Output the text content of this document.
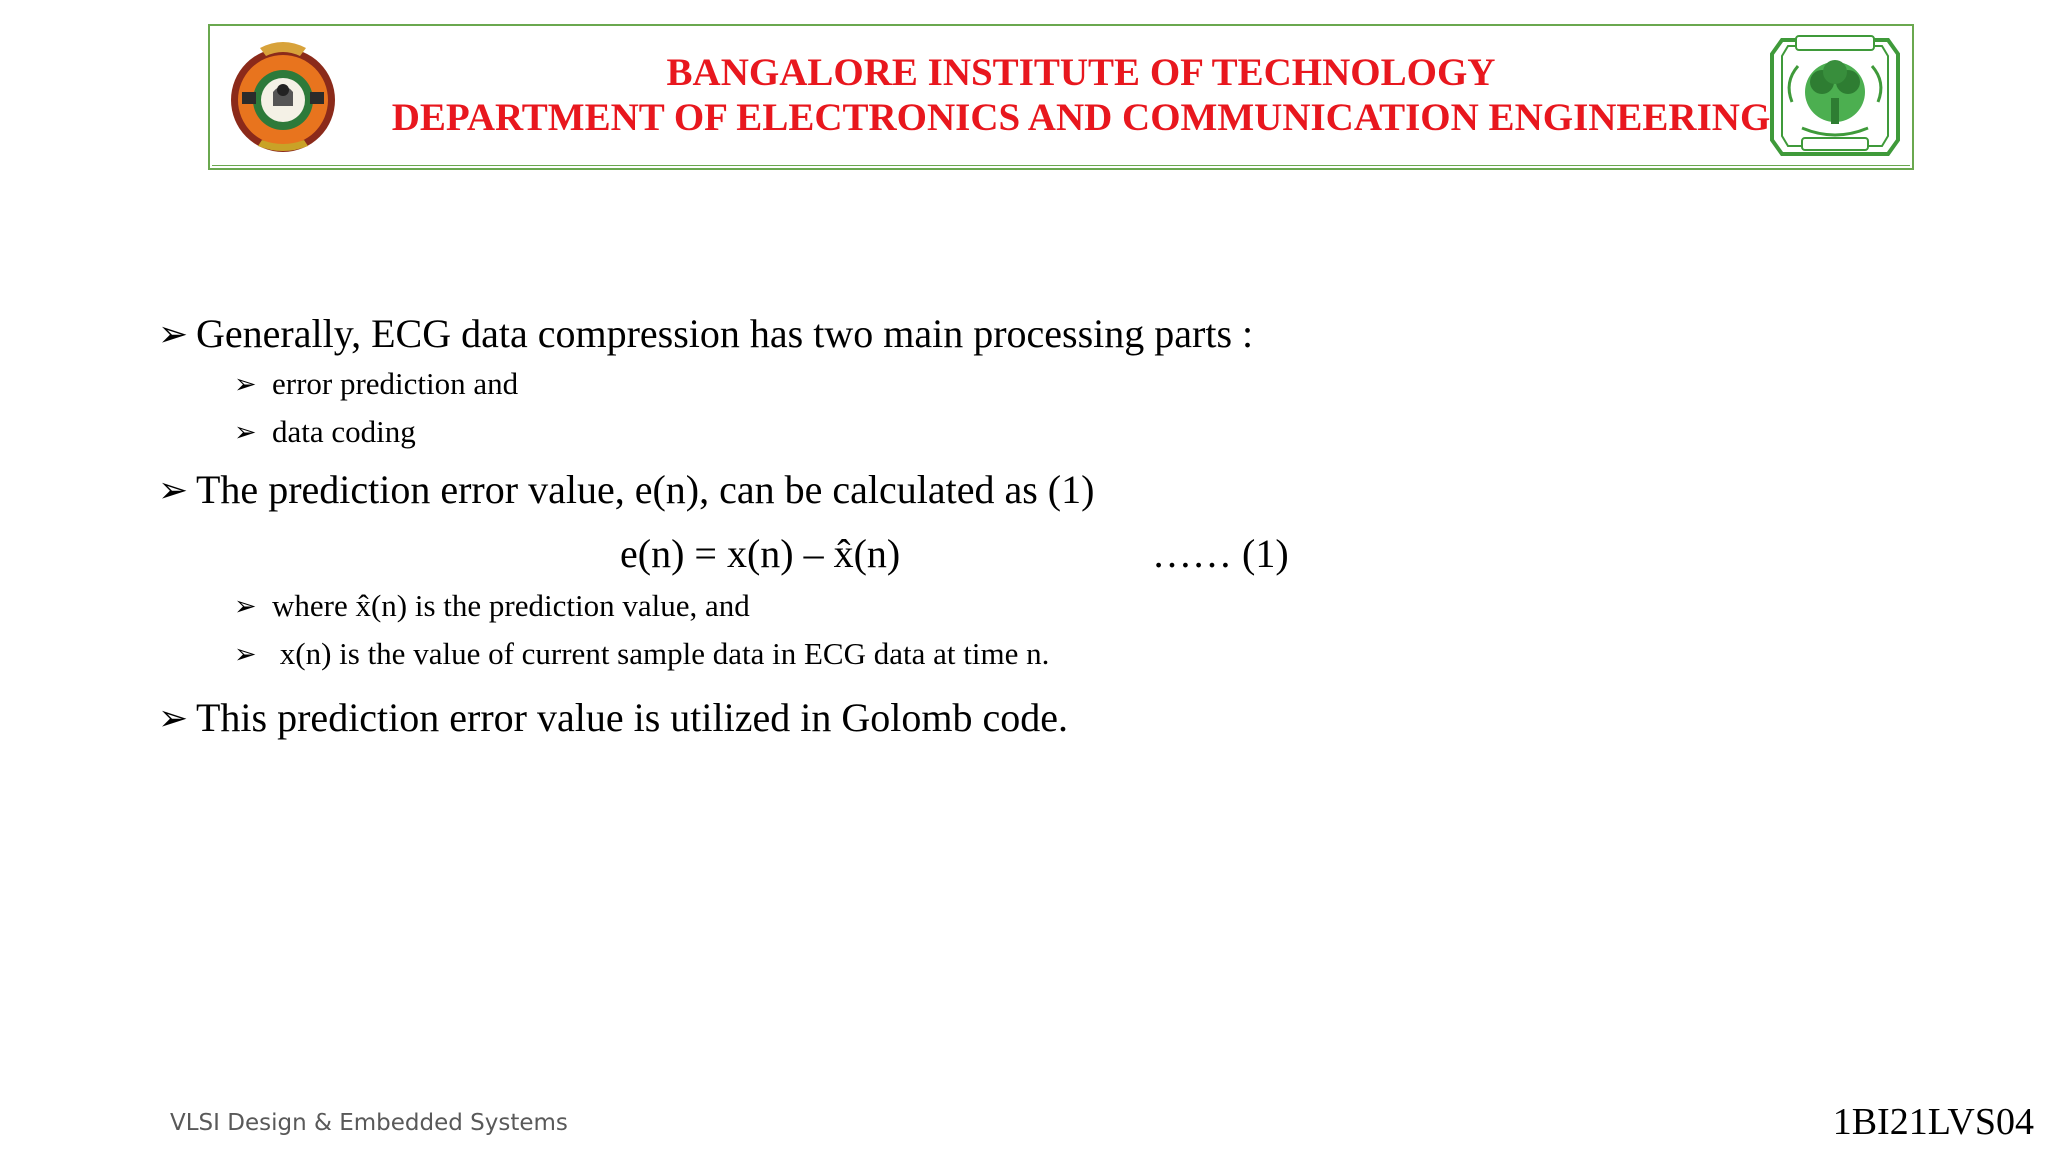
BANGALORE INSTITUTE OF TECHNOLOGY
DEPARTMENT OF ELECTRONICS AND COMMUNICATION ENGINEERING
➢ Generally, ECG data compression has two main processing parts :
➢ error prediction and
➢ data coding
➢ The prediction error value, e(n), can be calculated as (1)
e(n) = x(n) – x̂(n)	…… (1)
➢ where x̂(n) is the prediction value, and
➢ x(n) is the value of current sample data in ECG data at time n.
➢ This prediction error value is utilized in Golomb code.
VLSI Design & Embedded Systems	1BI21LVS04
